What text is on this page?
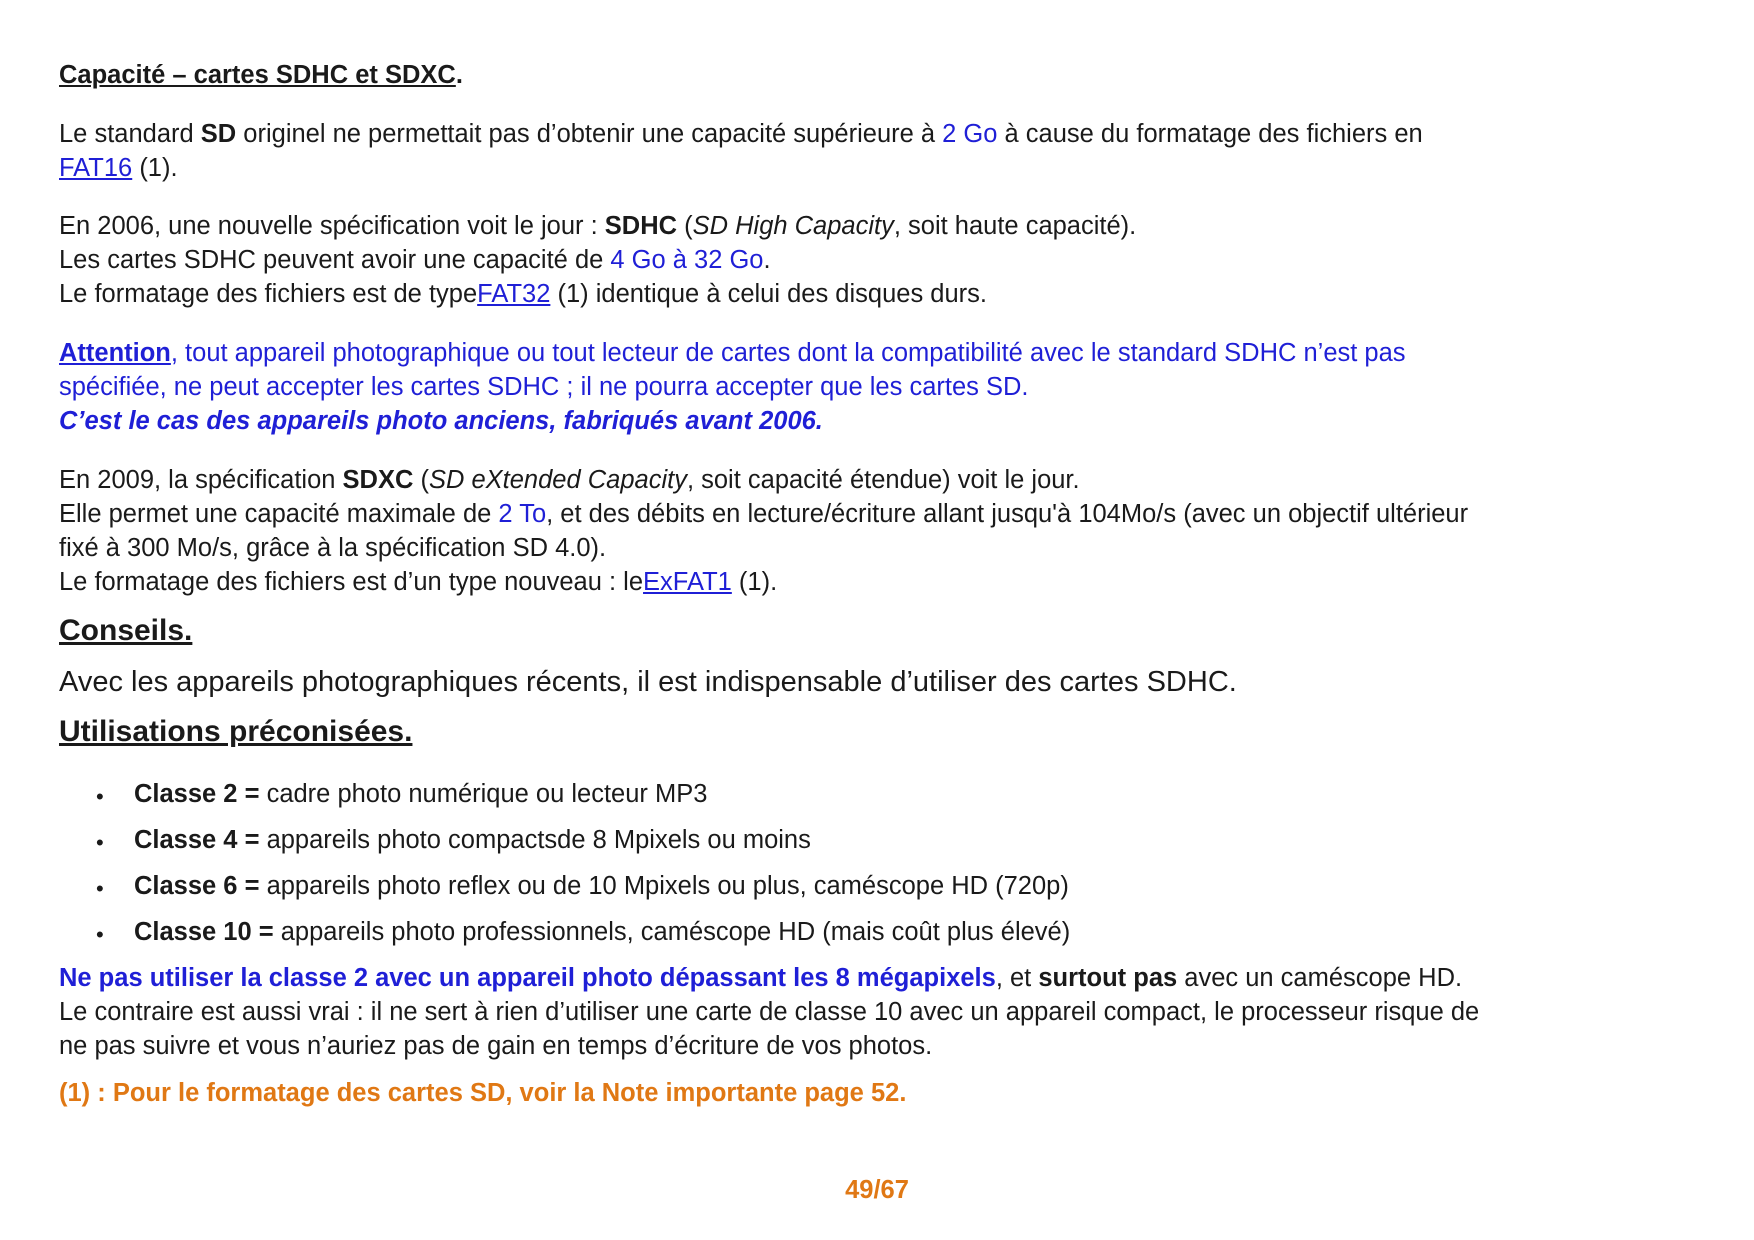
Capacité – cartes SDHC et SDXC.

Le standard SD originel ne permettait pas d’obtenir une capacité supérieure à 2 Go à cause du formatage des fichiers en

FAT16 (1).

En 2006, une nouvelle spécification voit le jour : SDHC (SD High Capacity, soit haute capacité).

Les cartes SDHC peuvent avoir une capacité de 4 Go à 32 Go.

Le formatage des fichiers est de typeFAT32 (1) identique à celui des disques durs.

Attention, tout appareil photographique ou tout lecteur de cartes dont la compatibilité avec le standard SDHC n’est pas

spécifiée, ne peut accepter les cartes SDHC ; il ne pourra accepter que les cartes SD.

C’est le cas des appareils photo anciens, fabriqués avant 2006.

En 2009, la spécification SDXC (SD eXtended Capacity, soit capacité étendue) voit le jour.

Elle permet une capacité maximale de 2 To, et des débits en lecture/écriture allant jusqu'à 104Mo/s (avec un objectif ultérieur

fixé à 300 Mo/s, grâce à la spécification SD 4.0).

Le formatage des fichiers est d’un type nouveau : leExFAT1 (1).

Conseils.

Avec les appareils photographiques récents, il est indispensable d’utiliser des cartes SDHC.

Utilisations préconisées.

• Classe 2 = cadre photo numérique ou lecteur MP3

• Classe 4 = appareils photo compactsde 8 Mpixels ou moins

• Classe 6 = appareils photo reflex ou de 10 Mpixels ou plus, caméscope HD (720p)

• Classe 10 = appareils photo professionnels, caméscope HD (mais coût plus élevé)

Ne pas utiliser la classe 2 avec un appareil photo dépassant les 8 mégapixels, et surtout pas avec un caméscope HD.

Le contraire est aussi vrai : il ne sert à rien d’utiliser une carte de classe 10 avec un appareil compact, le processeur risque de

ne pas suivre et vous n’auriez pas de gain en temps d’écriture de vos photos.

(1) : Pour le formatage des cartes SD, voir la Note importante page 52.

49/67
